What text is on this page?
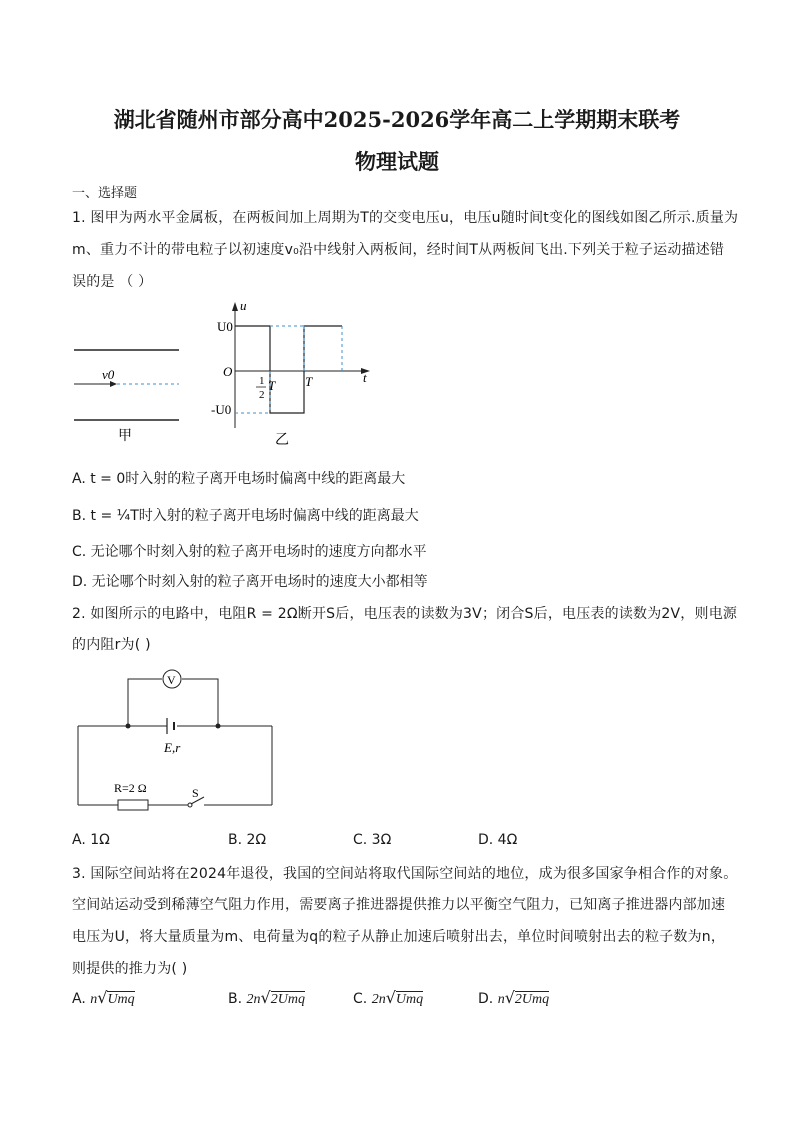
湖北省随州市部分高中2025-2026学年高二上学期期末联考
物理试题
一、选择题
1. 图甲为两水平金属板，在两板间加上周期为T的交变电压u，电压u随时间t变化的图线如图乙所示.质量为
m、重力不计的带电粒子以初速度v₀沿中线射入两板间，经时间T从两板间飞出.下列关于粒子运动描述错
误的是 （ ）
v0
甲
u
t
O
U0
-U0
1
2
T T
乙
A. t = 0时入射的粒子离开电场时偏离中线的距离最大
B. t = ¼T时入射的粒子离开电场时偏离中线的距离最大
C. 无论哪个时刻入射的粒子离开电场时的速度方向都水平
D. 无论哪个时刻入射的粒子离开电场时的速度大小都相等
2. 如图所示的电路中，电阻R = 2Ω断开S后，电压表的读数为3V；闭合S后，电压表的读数为2V，则电源
的内阻r为( )
V
E,r
R=2 Ω	S
A. 1Ω	B. 2Ω	C. 3Ω	D. 4Ω
3. 国际空间站将在2024年退役，我国的空间站将取代国际空间站的地位，成为很多国家争相合作的对象。
空间站运动受到稀薄空气阻力作用，需要离子推进器提供推力以平衡空气阻力，已知离子推进器内部加速
电压为U，将大量质量为m、电荷量为q的粒子从静止加速后喷射出去，单位时间喷射出去的粒子数为n，
则提供的推力为( )
A. n√Umq	B. 2n√2Umq	C. 2n√Umq	D. n√2Umq
